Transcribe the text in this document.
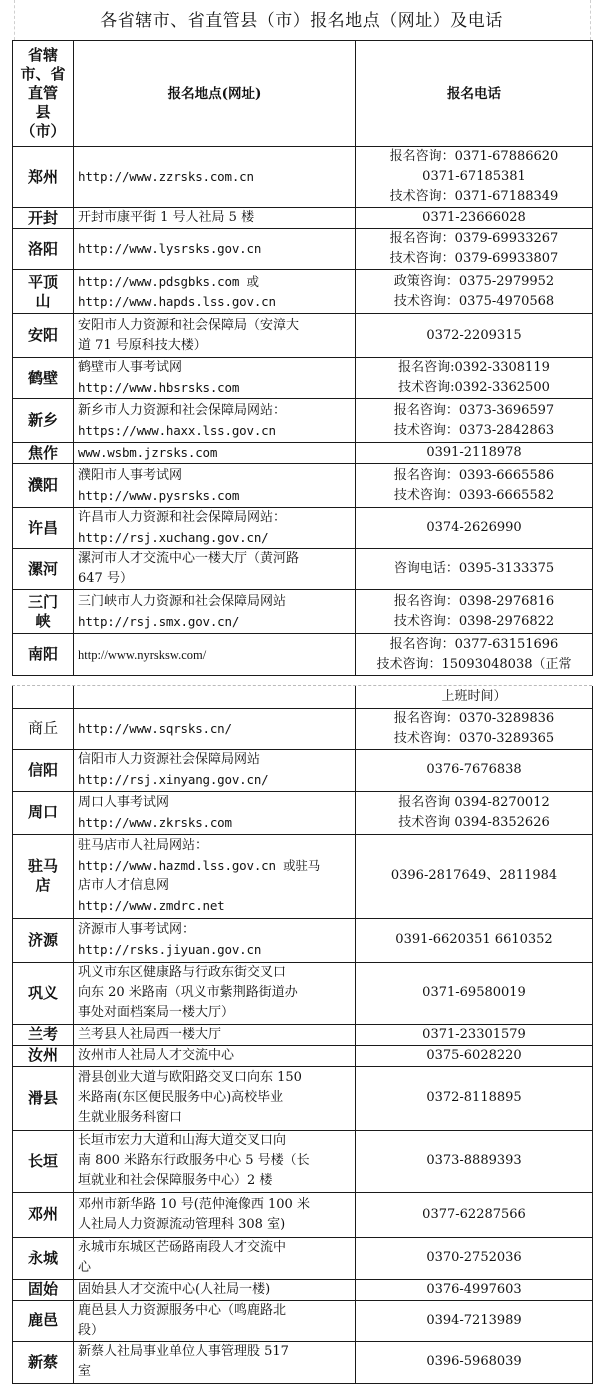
各省辖市、省直管县（市）报名地点（网址）及电话
省辖
市、省
直管
县
（市）	报名地点(网址)	报名电话

郑州	http://www.zzrsks.com.cn	报名咨询：0371-67886620
0371-67185381
技术咨询：0371-67188349

开封	开封市康平街 1 号人社局 5 楼	0371-23666028

洛阳	http://www.lysrsks.gov.cn	报名咨询：0379-69933267
技术咨询：0379-69933807

平顶
山	http://www.pdsgbks.com 或
http://www.hapds.lss.gov.cn	政策咨询：0375-2979952
技术咨询：0375-4970568

安阳	安阳市人力资源和社会保障局（安漳大
道 71 号原科技大楼）	0372-2209315

鹤壁	鹤壁市人事考试网
http://www.hbsrsks.com	报名咨询:0392-3308119
技术咨询:0392-3362500

新乡	新乡市人力资源和社会保障局网站：
https://www.haxx.lss.gov.cn	报名咨询：0373-3696597
技术咨询：0373-2842863

焦作	www.wsbm.jzrsks.com	0391-2118978

濮阳	濮阳市人事考试网
http://www.pysrsks.com	报名咨询：0393-6665586
技术咨询：0393-6665582

许昌	许昌市人力资源和社会保障局网站：
http://rsj.xuchang.gov.cn/	0374-2626990

漯河	漯河市人才交流中心一楼大厅（黄河路
647 号）	咨询电话：0395-3133375

三门
峡	三门峡市人力资源和社会保障局网站
http://rsj.smx.gov.cn/	报名咨询：0398-2976816
技术咨询：0398-2976822

南阳	http://www.nyrsksw.com/	报名咨询：0377-63151696
技术咨询：15093048038（正常
		上班时间）

商丘	http://www.sqrsks.cn/	报名咨询：0370-3289836
技术咨询：0370-3289365

信阳	信阳市人力资源社会保障局网站
http://rsj.xinyang.gov.cn/	0376-7676838

周口	周口人事考试网
http://www.zkrsks.com	报名咨询 0394-8270012
技术咨询 0394-8352626

驻马
店	驻马店市人社局网站：
http://www.hazmd.lss.gov.cn 或驻马
店市人才信息网
http://www.zmdrc.net	0396-2817649、2811984

济源	济源市人事考试网：
http://rsks.jiyuan.gov.cn	0391-6620351 6610352

巩义	巩义市东区健康路与行政东街交叉口
向东 20 米路南（巩义市紫荆路街道办
事处对面档案局一楼大厅）	0371-69580019

兰考	兰考县人社局西一楼大厅	0371-23301579

汝州	汝州市人社局人才交流中心	0375-6028220

滑县	滑县创业大道与欧阳路交叉口向东 150
米路南(东区便民服务中心)高校毕业
生就业服务科窗口	0372-8118895

长垣	长垣市宏力大道和山海大道交叉口向
南 800 米路东行政服务中心 5 号楼（长
垣就业和社会保障服务中心）2 楼	0373-8889393

邓州	邓州市新华路 10 号(范仲淹像西 100 米
人社局人力资源流动管理科 308 室)	0377-62287566

永城	永城市东城区芒砀路南段人才交流中
心	0370-2752036

固始	固始县人才交流中心(人社局一楼)	0376-4997603

鹿邑	鹿邑县人力资源服务中心（鸣鹿路北
段）	0394-7213989

新蔡	新蔡人社局事业单位人事管理股 517
室	0396-5968039
